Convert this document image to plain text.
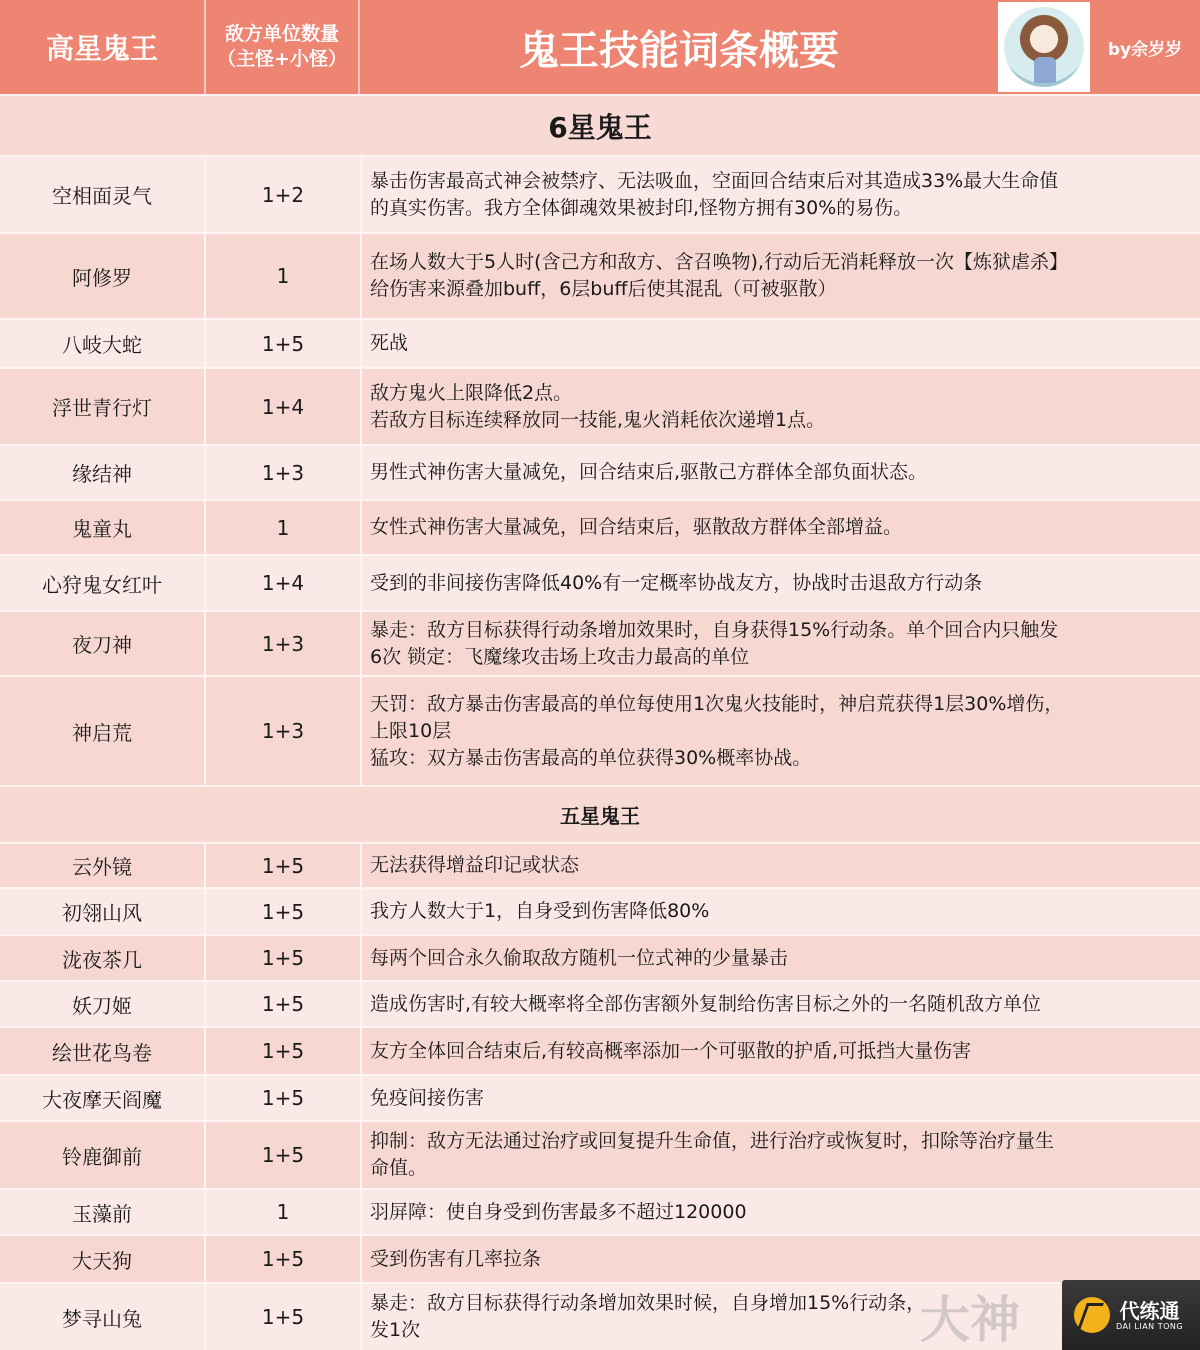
高星鬼王	敌方单位数量
（主怪+小怪）	鬼王技能词条概要	by余岁岁
6星鬼王
空相面灵气	1+2
暴击伤害最高式神会被禁疗、无法吸血，空面回合结束后对其造成33%最大生命值
的真实伤害。我方全体御魂效果被封印,怪物方拥有30%的易伤。
阿修罗	1
在场人数大于5人时(含己方和敌方、含召唤物),行动后无消耗释放一次【炼狱虐杀】
给伤害来源叠加buff，6层buff后使其混乱（可被驱散）
八岐大蛇	1+5	死战
浮世青行灯	1+4
敌方鬼火上限降低2点。
若敌方目标连续释放同一技能,鬼火消耗依次递增1点。
缘结神	1+3	男性式神伤害大量减免，回合结束后,驱散己方群体全部负面状态。
鬼童丸	1	女性式神伤害大量减免，回合结束后，驱散敌方群体全部增益。
心狩鬼女红叶	1+4	受到的非间接伤害降低40%有一定概率协战友方，协战时击退敌方行动条
夜刀神	1+3
暴走：敌方目标获得行动条增加效果时，自身获得15%行动条。单个回合内只触发
6次 锁定：飞魔缘攻击场上攻击力最高的单位
神启荒	1+3
天罚：敌方暴击伤害最高的单位每使用1次鬼火技能时，神启荒获得1层30%增伤，
上限10层
猛攻：双方暴击伤害最高的单位获得30%概率协战。
五星鬼王
云外镜	1+5	无法获得增益印记或状态
初翎山风	1+5	我方人数大于1，自身受到伤害降低80%
泷夜茶几	1+5	每两个回合永久偷取敌方随机一位式神的少量暴击
妖刀姬	1+5	造成伤害时,有较大概率将全部伤害额外复制给伤害目标之外的一名随机敌方单位
绘世花鸟卷	1+5	友方全体回合结束后,有较高概率添加一个可驱散的护盾,可抵挡大量伤害
大夜摩天阎魔	1+5	免疫间接伤害
铃鹿御前	1+5
抑制：敌方无法通过治疗或回复提升生命值，进行治疗或恢复时，扣除等治疗量生
命值。
玉藻前	1	羽屏障：使自身受到伤害最多不超过120000
大天狗	1+5	受到伤害有几率拉条
梦寻山兔	1+5
暴走：敌方目标获得行动条增加效果时候，自身增加15%行动条，
发1次	大神	代练通
DAI LIAN TONG
